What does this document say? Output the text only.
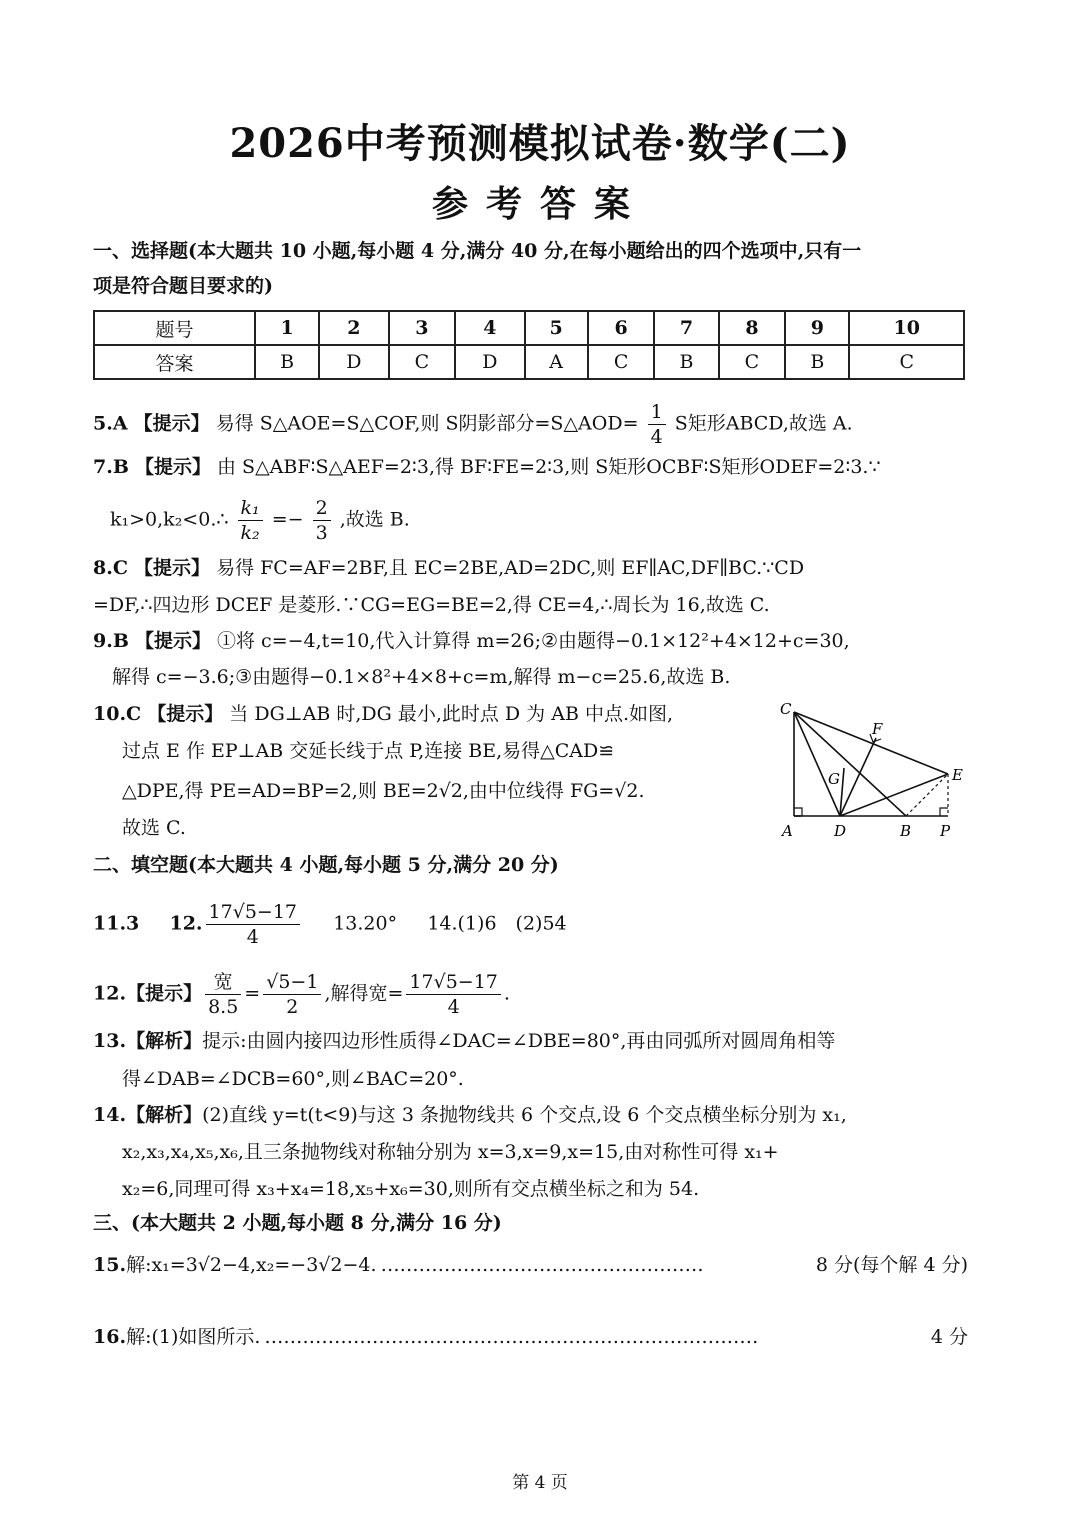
2026中考预测模拟试卷·数学(二)
参考答案
一、选择题(本大题共 10 小题,每小题 4 分,满分 40 分,在每小题给出的四个选项中,只有一
项是符合题目要求的)
题号	1	2	3	4	5	6	7	8	9	10
答案	B	D	C	D	A	C	B	C	B	C
5.A 【提示】 易得 S△AOE=S△COF,则 S阴影部分=S△AOD= $\frac{1}{4}$ S矩形ABCD,故选 A.
7.B 【提示】 由 S△ABF∶S△AEF=2∶3,得 BF∶FE=2∶3,则 S矩形OCBF∶S矩形ODEF=2∶3.∵
k₁>0,k₂<0.∴ $\frac{\text{k₁}}{\text{k₂}} =- \frac{2}{3}$ ,故选 B.
8.C 【提示】 易得 FC=AF=2BF,且 EC=2BE,AD=2DC,则 EF∥AC,DF∥BC.∵CD
=DF,∴四边形 DCEF 是菱形.∵CG=EG=BE=2,得 CE=4,∴周长为 16,故选 C.
9.B 【提示】 ①将 c=−4,t=10,代入计算得 m=26;②由题得−0.1×12²+4×12+c=30,
解得 c=−3.6;③由题得−0.1×8²+4×8+c=m,解得 m−c=25.6,故选 B.
10.C 【提示】 当 DG⊥AB 时,DG 最小,此时点 D 为 AB 中点.如图,
过点 E 作 EP⊥AB 交延长线于点 P,连接 BE,易得△CAD≌
△DPE,得 PE=AD=BP=2,则 BE=2√2,由中位线得 FG=√2.
故选 C.
C
F
G	E
A	D	B P
二、填空题(本大题共 4 小题,每小题 5 分,满分 20 分)
11.3 12. $\frac{17√5-17}{4} 13.20^\circ$ 14.(1)6　(2)54
12.【提示】 $\frac{\text{宽}}{8.5} = \frac{√5-1}{2}$ ,解得宽= $\frac{17√5-17}{4}$ .
13.【解析】提示:由圆内接四边形性质得∠DAC=∠DBE=80°,再由同弧所对圆周角相等
得∠DAB=∠DCB=60°,则∠BAC=20°.
14.【解析】(2)直线 y=t(t<9)与这 3 条抛物线共 6 个交点,设 6 个交点横坐标分别为 x₁,
x₂,x₃,x₄,x₅,x₆,且三条抛物线对称轴分别为 x=3,x=9,x=15,由对称性可得 x₁+
x₂=6,同理可得 x₃+x₄=18,x₅+x₆=30,则所有交点横坐标之和为 54.
三、(本大题共 2 小题,每小题 8 分,满分 16 分)
15. 解:x₁=3√2−4,x₂=−3√2−4. ……………………………………………	8 分(每个解 4 分)
16. 解:(1)如图所示. ……………………………………………………………………	4 分
第 4 页
